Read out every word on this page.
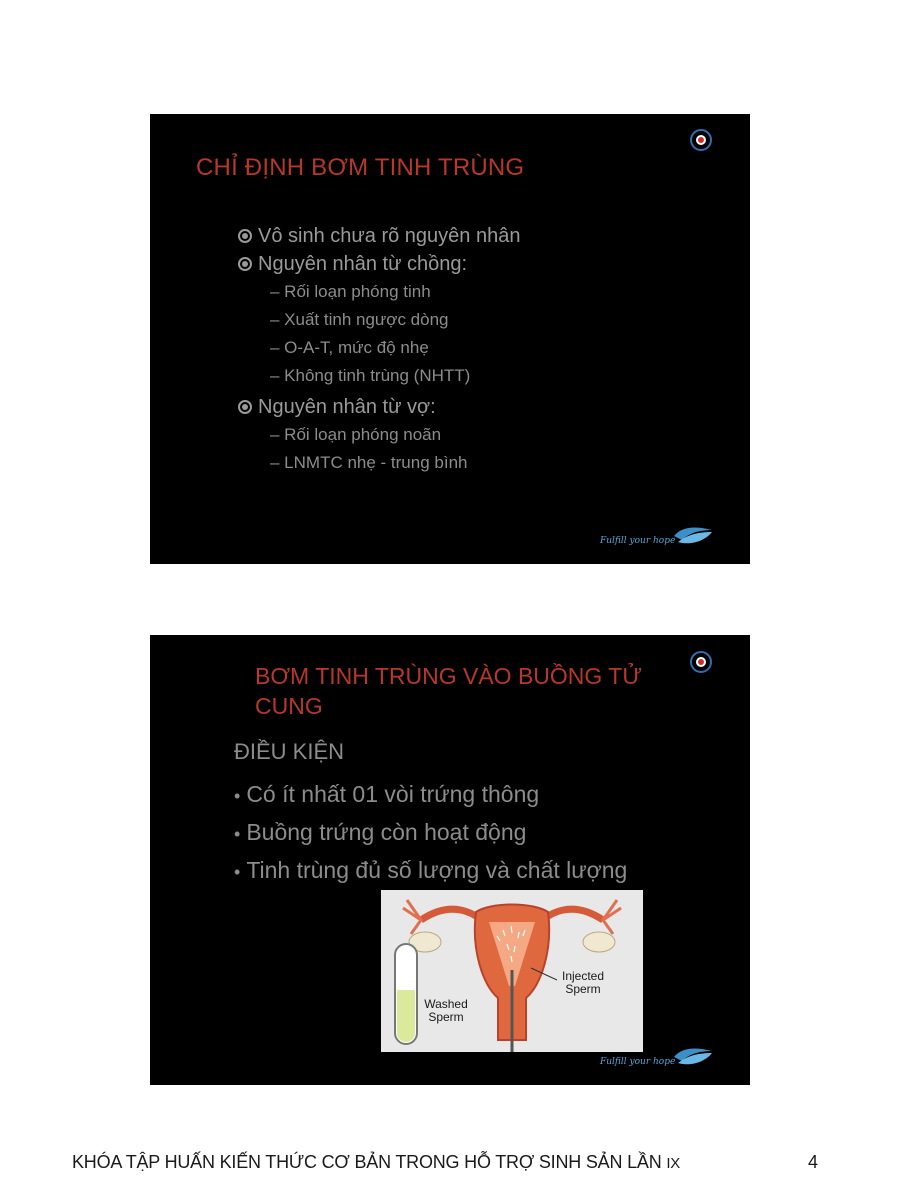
CHỈ ĐỊNH BƠM TINH TRÙNG
Vô sinh chưa rõ nguyên nhân
Nguyên nhân từ chồng:
– Rối loạn phóng tinh
– Xuất tinh ngược dòng
– O-A-T, mức độ nhẹ
– Không tinh trùng (NHTT)
Nguyên nhân từ vợ:
– Rối loạn phóng noãn
– LNMTC nhẹ - trung bình
Fulfill your hope
BƠM TINH TRÙNG VÀO BUỒNG TỬ CUNG
ĐIỀU KIỆN
• Có ít nhất 01 vòi trứng thông
• Buồng trứng còn hoạt động
• Tinh trùng đủ số lượng và chất lượng
Washed Sperm
Injected Sperm
Fulfill your hope
KHÓA TẬP HUẤN KIẾN THỨC CƠ BẢN TRONG HỖ TRỢ SINH SẢN LẦN IX	4
